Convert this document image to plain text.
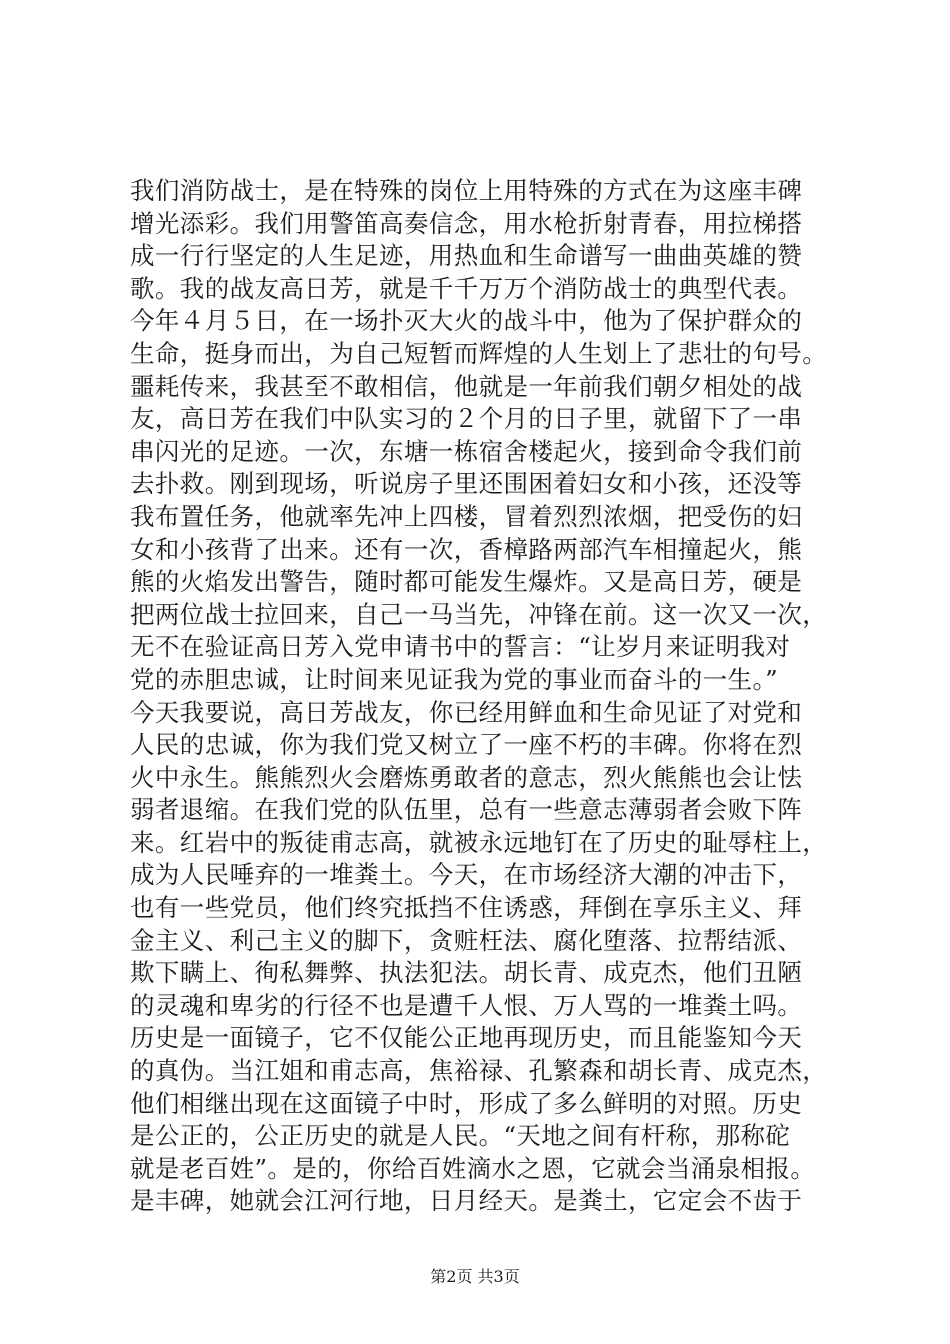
我们消防战士，是在特殊的岗位上用特殊的方式在为这座丰碑
增光添彩。我们用警笛高奏信念，用水枪折射青春，用拉梯搭
成一行行坚定的人生足迹，用热血和生命谱写一曲曲英雄的赞
歌。我的战友高日芳，就是千千万万个消防战士的典型代表。
今年４月５日，在一场扑灭大火的战斗中，他为了保护群众的
生命，挺身而出，为自己短暂而辉煌的人生划上了悲壮的句号。
噩耗传来，我甚至不敢相信，他就是一年前我们朝夕相处的战
友，高日芳在我们中队实习的２个月的日子里，就留下了一串
串闪光的足迹。一次，东塘一栋宿舍楼起火，接到命令我们前
去扑救。刚到现场，听说房子里还围困着妇女和小孩，还没等
我布置任务，他就率先冲上四楼，冒着烈烈浓烟，把受伤的妇
女和小孩背了出来。还有一次，香樟路两部汽车相撞起火，熊
熊的火焰发出警告，随时都可能发生爆炸。又是高日芳，硬是
把两位战士拉回来，自己一马当先，冲锋在前。这一次又一次，
无不在验证高日芳入党申请书中的誓言：“让岁月来证明我对
党的赤胆忠诚，让时间来见证我为党的事业而奋斗的一生。”
今天我要说，高日芳战友，你已经用鲜血和生命见证了对党和
人民的忠诚，你为我们党又树立了一座不朽的丰碑。你将在烈
火中永生。熊熊烈火会磨炼勇敢者的意志，烈火熊熊也会让怯
弱者退缩。在我们党的队伍里，总有一些意志薄弱者会败下阵
来。红岩中的叛徒甫志高，就被永远地钉在了历史的耻辱柱上，
成为人民唾弃的一堆粪土。今天，在市场经济大潮的冲击下，
也有一些党员，他们终究抵挡不住诱惑，拜倒在享乐主义、拜
金主义、利己主义的脚下，贪赃枉法、腐化堕落、拉帮结派、
欺下瞒上、徇私舞弊、执法犯法。胡长青、成克杰，他们丑陋
的灵魂和卑劣的行径不也是遭千人恨、万人骂的一堆粪土吗。
历史是一面镜子，它不仅能公正地再现历史，而且能鉴知今天
的真伪。当江姐和甫志高，焦裕禄、孔繁森和胡长青、成克杰，
他们相继出现在这面镜子中时，形成了多么鲜明的对照。历史
是公正的，公正历史的就是人民。“天地之间有杆称，那称砣
就是老百姓”。是的，你给百姓滴水之恩，它就会当涌泉相报。
是丰碑，她就会江河行地，日月经天。是粪土，它定会不齿于
第2页 共3页
